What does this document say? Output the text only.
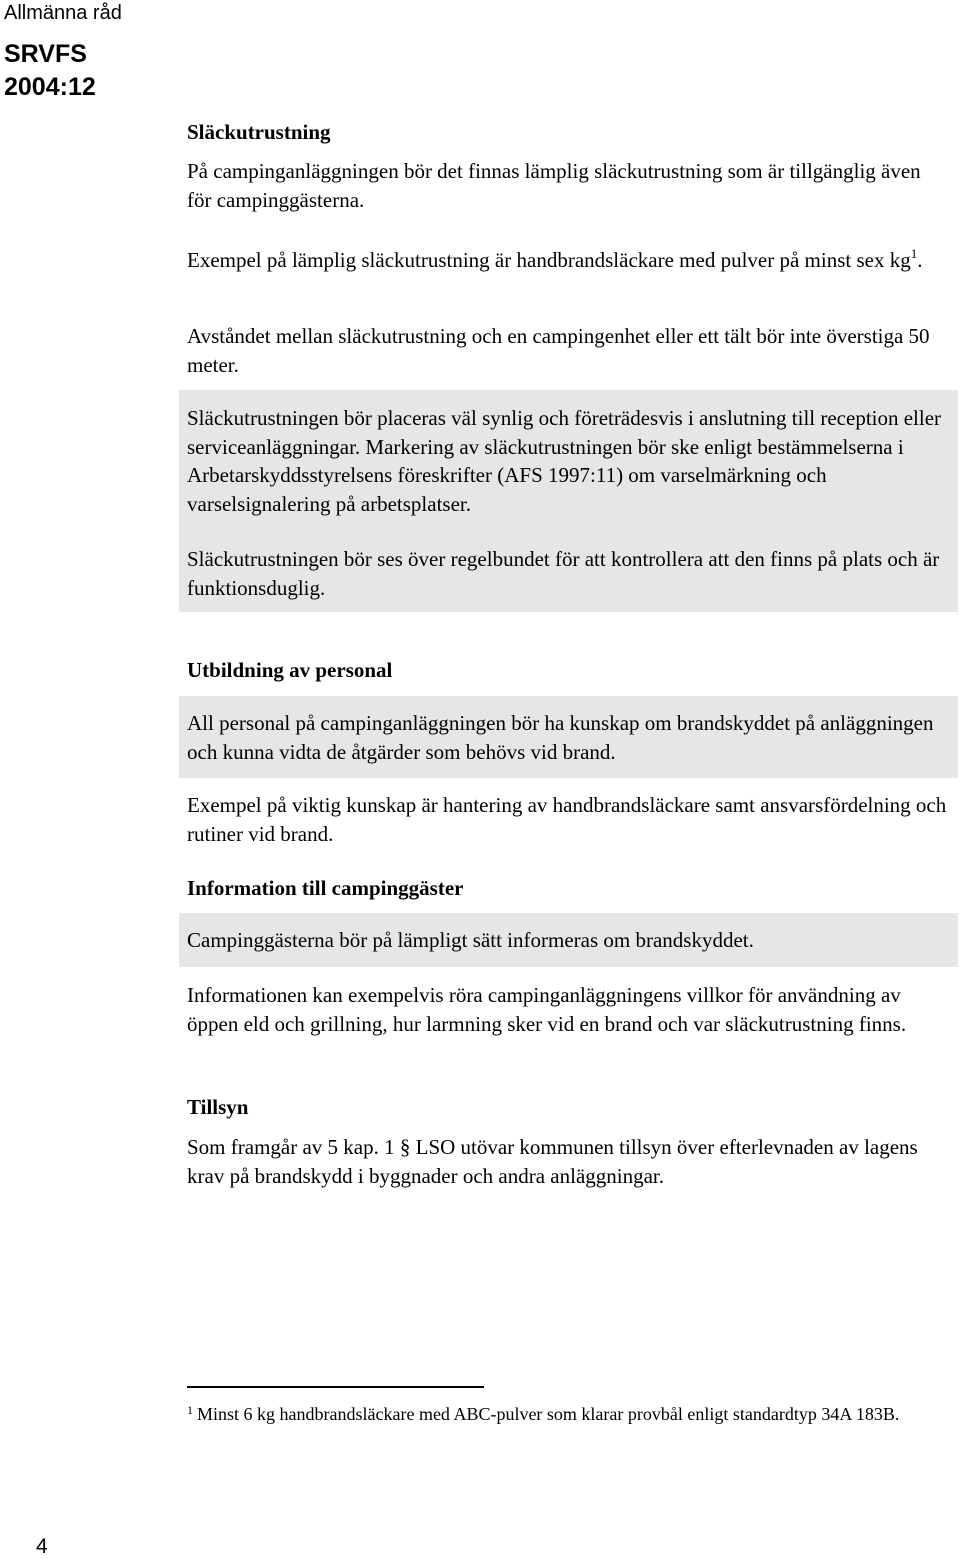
Allmänna råd
SRVFS
2004:12
Släckutrustning
På campinganläggningen bör det finnas lämplig släckutrustning som är tillgänglig även för campinggästerna.
Exempel på lämplig släckutrustning är handbrandsläckare med pulver på minst sex kg$^1$.
Avståndet mellan släckutrustning och en campingenhet eller ett tält bör inte överstiga 50 meter.
Släckutrustningen bör placeras väl synlig och företrädesvis i anslutning till reception eller serviceanläggningar. Markering av släckutrustningen bör ske enligt bestämmelserna i Arbetarskyddsstyrelsens föreskrifter (AFS 1997:11) om varselmärkning och varselsignalering på arbetsplatser.
Släckutrustningen bör ses över regelbundet för att kontrollera att den finns på plats och är funktionsduglig.
Utbildning av personal
All personal på campinganläggningen bör ha kunskap om brandskyddet på anläggningen och kunna vidta de åtgärder som behövs vid brand.
Exempel på viktig kunskap är hantering av handbrandsläckare samt ansvarsfördelning och rutiner vid brand.
Information till campinggäster
Campinggästerna bör på lämpligt sätt informeras om brandskyddet.
Informationen kan exempelvis röra campinganläggningens villkor för användning av öppen eld och grillning, hur larmning sker vid en brand och var släckutrustning finns.
Tillsyn
Som framgår av 5 kap. 1 § LSO utövar kommunen tillsyn över efterlevnaden av lagens krav på brandskydd i byggnader och andra anläggningar.
$^1$ Minst 6 kg handbrandsläckare med ABC-pulver som klarar provbål enligt standardtyp 34A 183B.
4
